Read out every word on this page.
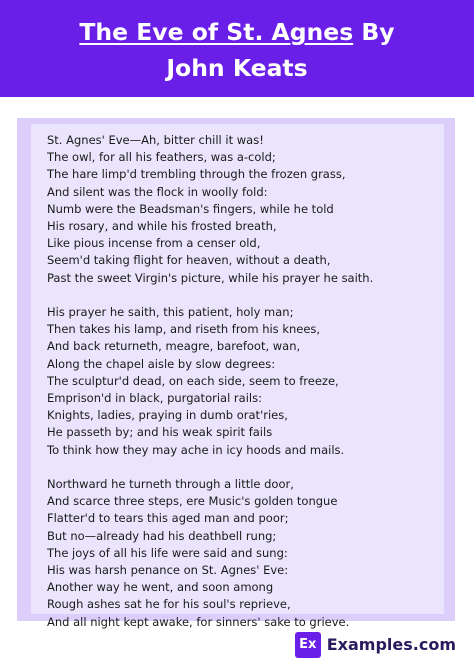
The Eve of St. Agnes By
John Keats
St. Agnes' Eve—Ah, bitter chill it was!
The owl, for all his feathers, was a-cold;
The hare limp'd trembling through the frozen grass,
And silent was the flock in woolly fold:
Numb were the Beadsman's fingers, while he told
His rosary, and while his frosted breath,
Like pious incense from a censer old,
Seem'd taking flight for heaven, without a death,
Past the sweet Virgin's picture, while his prayer he saith.
His prayer he saith, this patient, holy man;
Then takes his lamp, and riseth from his knees,
And back returneth, meagre, barefoot, wan,
Along the chapel aisle by slow degrees:
The sculptur'd dead, on each side, seem to freeze,
Emprison'd in black, purgatorial rails:
Knights, ladies, praying in dumb orat'ries,
He passeth by; and his weak spirit fails
To think how they may ache in icy hoods and mails.
Northward he turneth through a little door,
And scarce three steps, ere Music's golden tongue
Flatter'd to tears this aged man and poor;
But no—already had his deathbell rung;
The joys of all his life were said and sung:
His was harsh penance on St. Agnes' Eve:
Another way he went, and soon among
Rough ashes sat he for his soul's reprieve,
And all night kept awake, for sinners' sake to grieve.
Ex Examples.com
